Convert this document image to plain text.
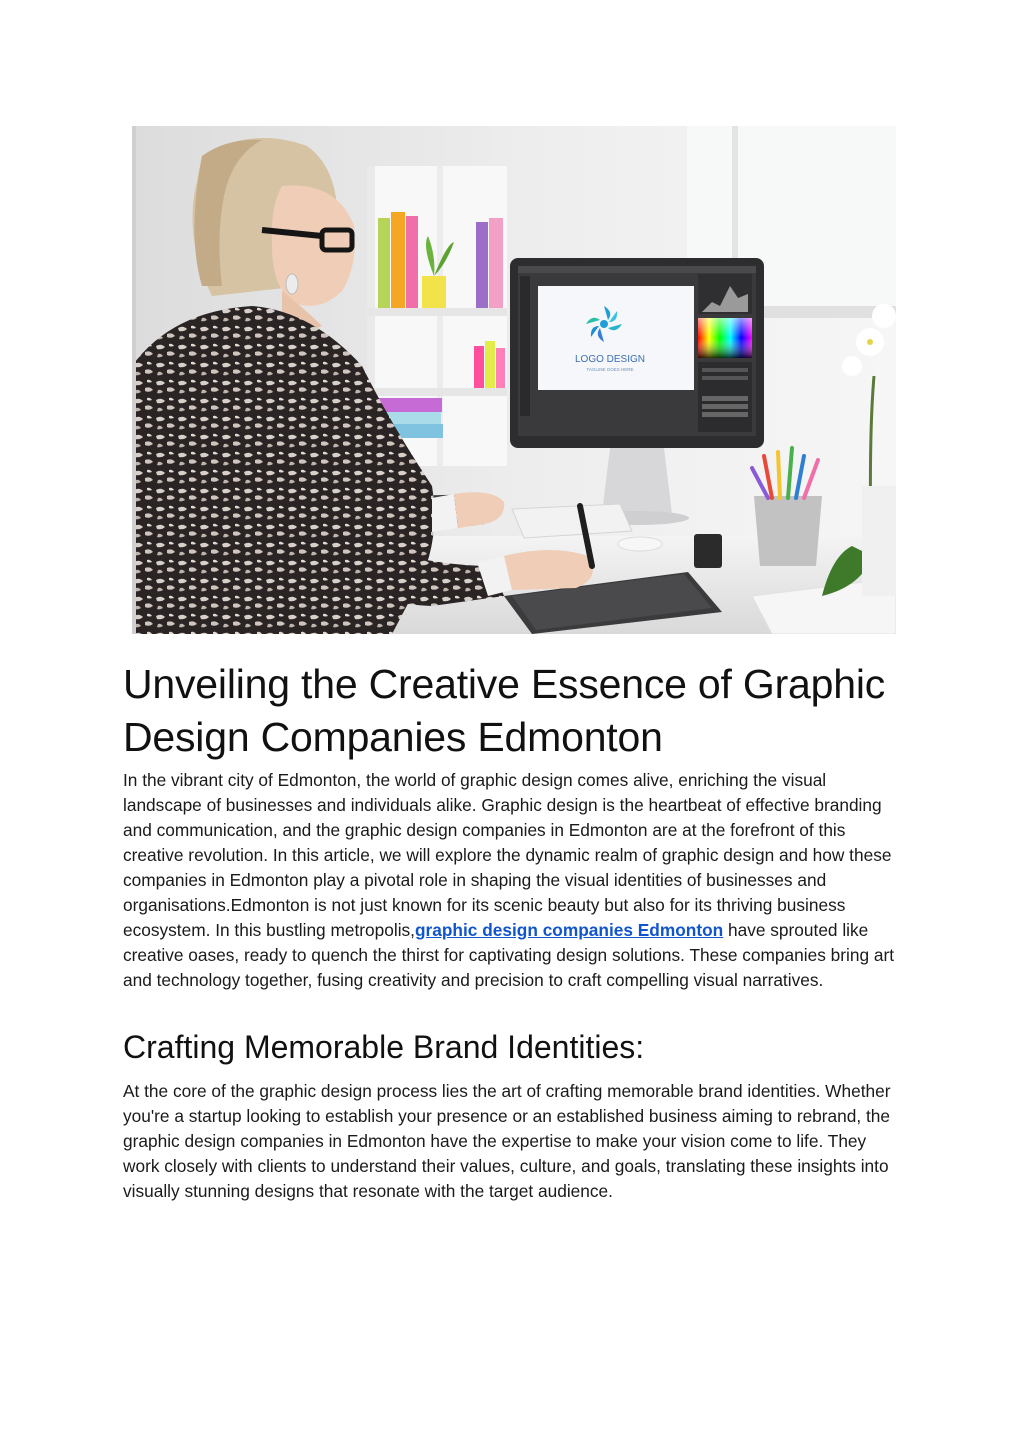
LOGO DESIGN
TAGLINE GOES HERE
Unveiling the Creative Essence of Graphic Design Companies Edmonton

In the vibrant city of Edmonton, the world of graphic design comes alive, enriching the visual landscape of businesses and individuals alike. Graphic design is the heartbeat of effective branding and communication, and the graphic design companies in Edmonton are at the forefront of this creative revolution. In this article, we will explore the dynamic realm of graphic design and how these companies in Edmonton play a pivotal role in shaping the visual identities of businesses and organisations.Edmonton is not just known for its scenic beauty but also for its thriving business ecosystem. In this bustling metropolis,graphic design companies Edmonton have sprouted like creative oases, ready to quench the thirst for captivating design solutions. These companies bring art and technology together, fusing creativity and precision to craft compelling visual narratives.

Crafting Memorable Brand Identities:

At the core of the graphic design process lies the art of crafting memorable brand identities. Whether you're a startup looking to establish your presence or an established business aiming to rebrand, the graphic design companies in Edmonton have the expertise to make your vision come to life. They work closely with clients to understand their values, culture, and goals, translating these insights into visually stunning designs that resonate with the target audience.
